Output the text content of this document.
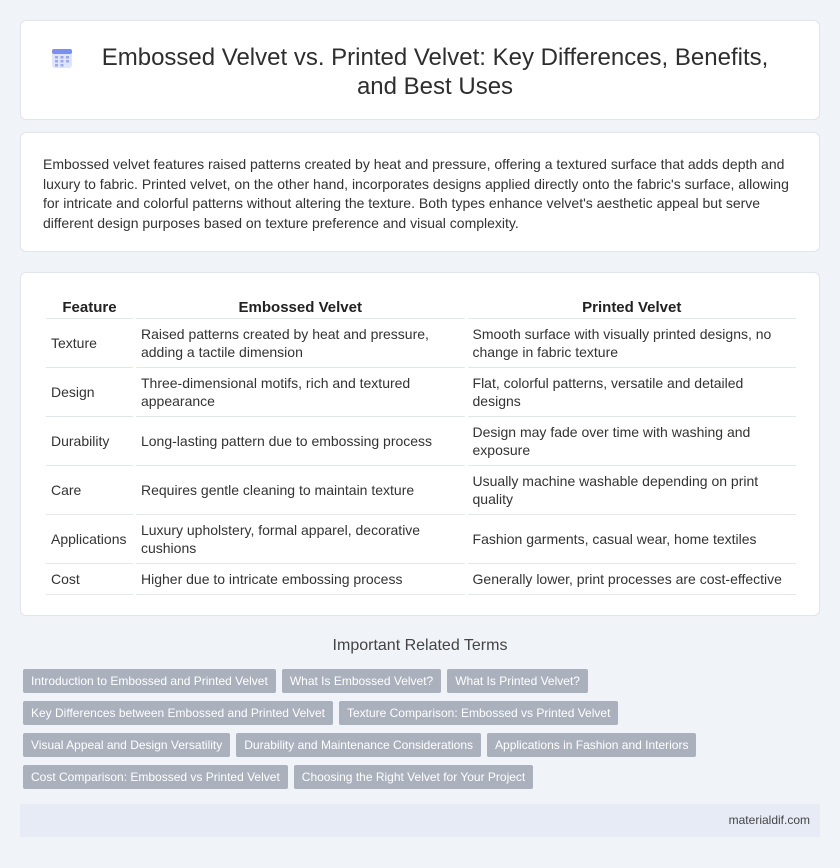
Embossed Velvet vs. Printed Velvet: Key Differences, Benefits, and Best Uses

Embossed velvet features raised patterns created by heat and pressure, offering a textured surface that adds depth and luxury to fabric. Printed velvet, on the other hand, incorporates designs applied directly onto the fabric's surface, allowing for intricate and colorful patterns without altering the texture. Both types enhance velvet's aesthetic appeal but serve different design purposes based on texture preference and visual complexity.

Feature	Embossed Velvet	Printed Velvet
Texture	Raised patterns created by heat and pressure, adding a tactile dimension	Smooth surface with visually printed designs, no change in fabric texture
Design	Three-dimensional motifs, rich and textured appearance	Flat, colorful patterns, versatile and detailed designs
Durability	Long-lasting pattern due to embossing process	Design may fade over time with washing and exposure
Care	Requires gentle cleaning to maintain texture	Usually machine washable depending on print quality
Applications	Luxury upholstery, formal apparel, decorative cushions	Fashion garments, casual wear, home textiles
Cost	Higher due to intricate embossing process	Generally lower, print processes are cost-effective
Important Related Terms
Introduction to Embossed and Printed Velvet	What Is Embossed Velvet?	What Is Printed Velvet?
Key Differences between Embossed and Printed Velvet	Texture Comparison: Embossed vs Printed Velvet
Visual Appeal and Design Versatility	Durability and Maintenance Considerations	Applications in Fashion and Interiors
Cost Comparison: Embossed vs Printed Velvet	Choosing the Right Velvet for Your Project
materialdif.com
